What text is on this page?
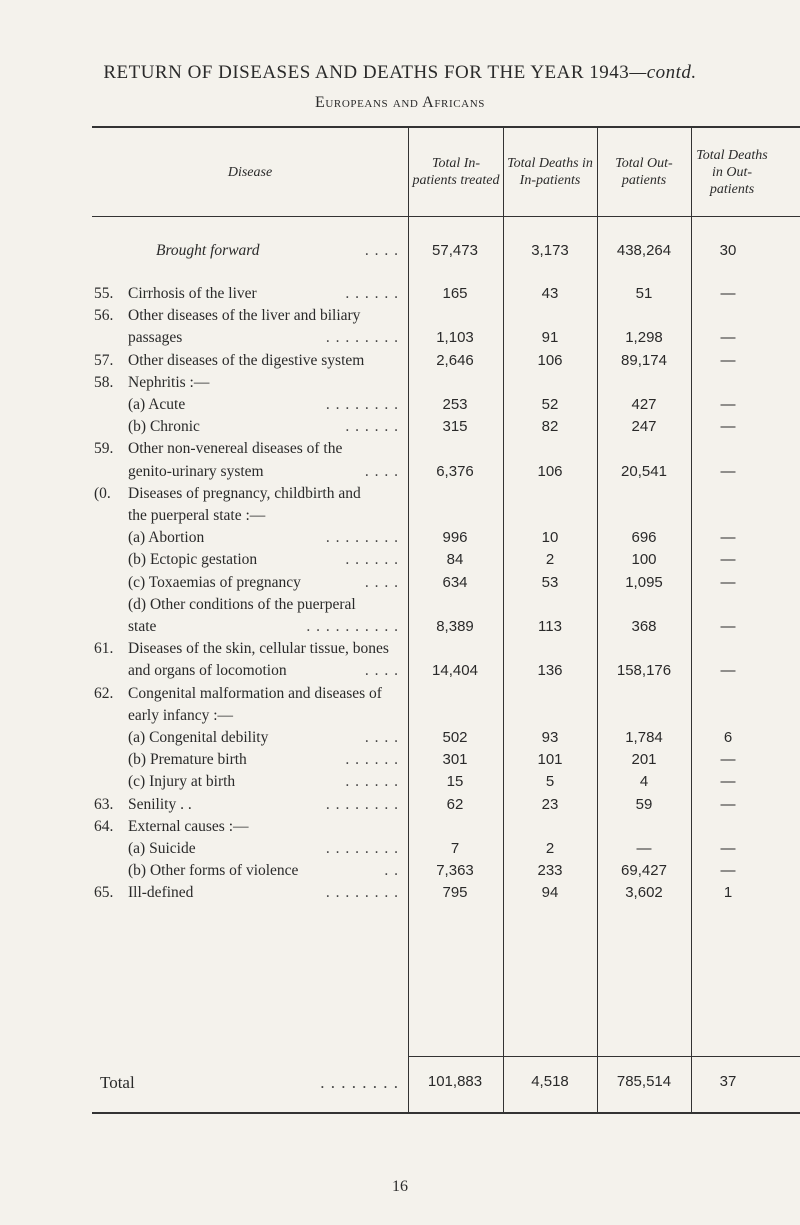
RETURN OF DISEASES AND DEATHS FOR THE YEAR 1943—contd.
Europeans and Africans
Disease
Total In-patients treated
Total Deaths in In-patients
Total Out-patients
Total Deaths in Out-patients
Brought forward	. . . .	57,473	3,173	438,264	30
55. Cirrhosis of the liver	. . . . . .	165	43	51	—
56. Other diseases of the liver and biliary
passages	. . . . . . . .	1,103	91	1,298	—
57. Other diseases of the digestive system	2,646	106	89,174	—
58. Nephritis :—
(a) Acute	. . . . . . . .	253	52	427	—
(b) Chronic	. . . . . .	315	82	247	—
59. Other non-venereal diseases of the
genito-urinary system	. . . .	6,376	106	20,541	—
(0. Diseases of pregnancy, childbirth and
the puerperal state :—
(a) Abortion	. . . . . . . .	996	10	696	—
(b) Ectopic gestation	. . . . . .	84	2	100	—
(c) Toxaemias of pregnancy	. . . .	634	53	1,095	—
(d) Other conditions of the puerperal
state	. . . . . . . . . .	8,389	113	368	—
61. Diseases of the skin, cellular tissue, bones
and organs of locomotion	. . . .	14,404	136	158,176	—
62. Congenital malformation and diseases of
early infancy :—
(a) Congenital debility	. . . .	502	93	1,784	6
(b) Premature birth	. . . . . .	301	101	201	—
(c) Injury at birth	. . . . . .	15	5	4	—
63. Senility . .	. . . . . . . .	62	23	59	—
64. External causes :—
(a) Suicide	. . . . . . . .	7	2	—	—
(b) Other forms of violence	. .	7,363	233	69,427	—
65. Ill-defined	. . . . . . . .	795	94	3,602	1
Total	. . . . . . . .	101,883	4,518	785,514	37
16
